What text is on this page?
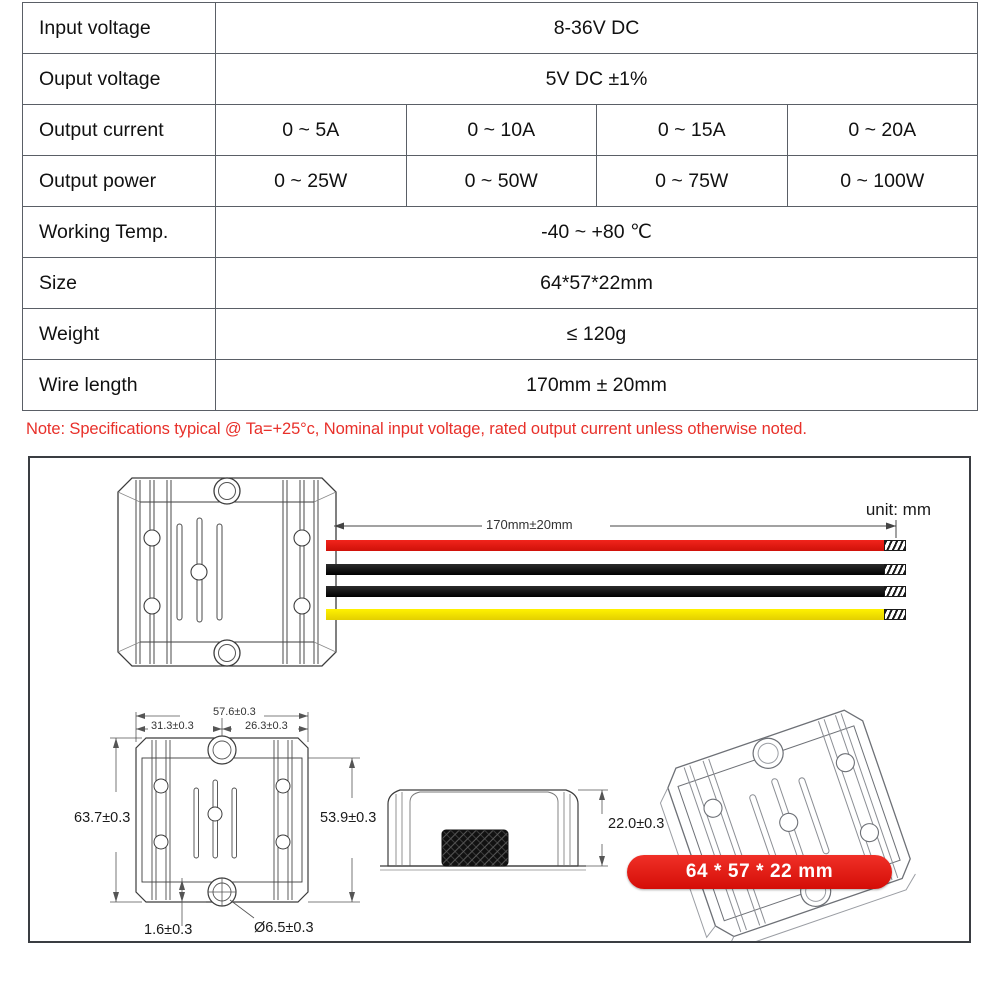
Input voltage	8-36V DC			
Ouput voltage	5V DC ±1%			
Output current	0 ~ 5A	0 ~ 10A	0 ~ 15A	0 ~ 20A
Output power	0 ~ 25W	0 ~ 50W	0 ~ 75W	0 ~ 100W
Working Temp.	-40 ~ +80 ℃			
Size	64*57*22mm			
Weight	≤ 120g			
Wire length	170mm ± 20mm			
Note: Specifications typical @ Ta=+25°c, Nominal input voltage, rated output current unless otherwise noted.
unit: mm
170mm±20mm
57.6±0.3
31.3±0.3	26.3±0.3
63.7±0.3	53.9±0.3
1.6±0.3	Ø6.5±0.3
22.0±0.3
64 * 57 * 22 mm
